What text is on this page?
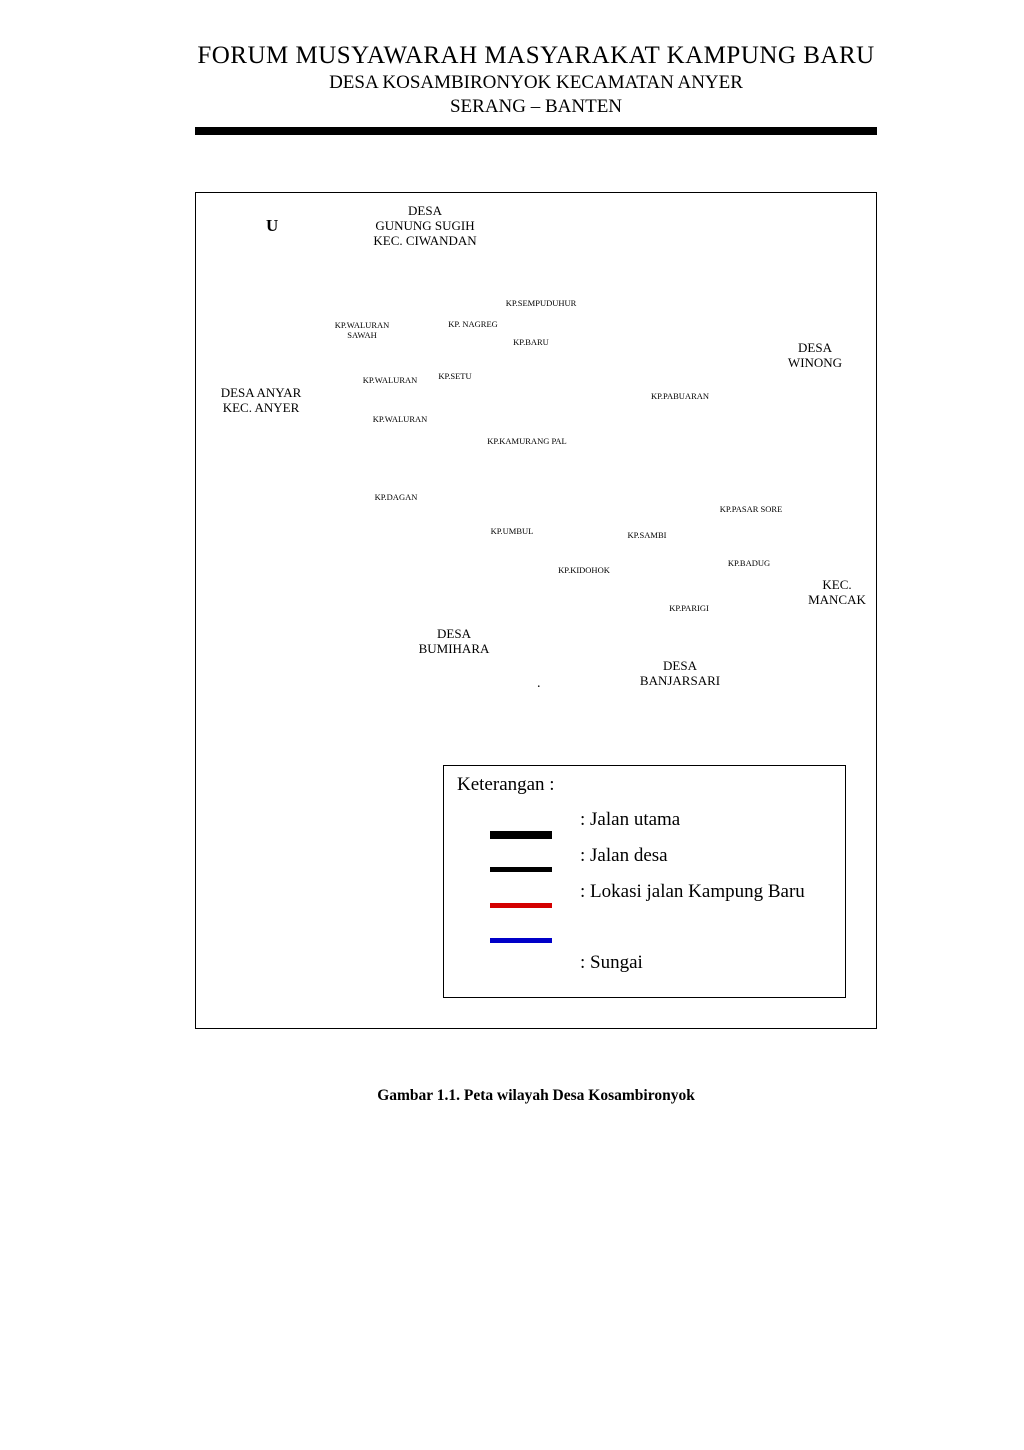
FORUM MUSYAWARAH MASYARAKAT KAMPUNG BARU
DESA KOSAMBIRONYOK KECAMATAN ANYER
SERANG – BANTEN
U
DESA
GUNUNG SUGIH
KEC. CIWANDAN
DESA
WINONG
DESA ANYAR
KEC. ANYER
KEC.
MANCAK
DESA
BUMIHARA
DESA
BANJARSARI
KP.SEMPUDUHUR
KP.WALURAN
SAWAH
KP. NAGREG
KP.BARU
KP.WALURAN	KP.SETU
KP.PABUARAN
KP.WALURAN
KP.KAMURANG PAL
KP.DAGAN
KP.PASAR SORE
KP.UMBUL	KP.SAMBI
KP.BADUG
KP.KIDOHOK
KP.PARIGI
.
Keterangan :
: Jalan utama
: Jalan desa
: Lokasi jalan Kampung Baru
: Sungai
Gambar 1.1. Peta wilayah Desa Kosambironyok
